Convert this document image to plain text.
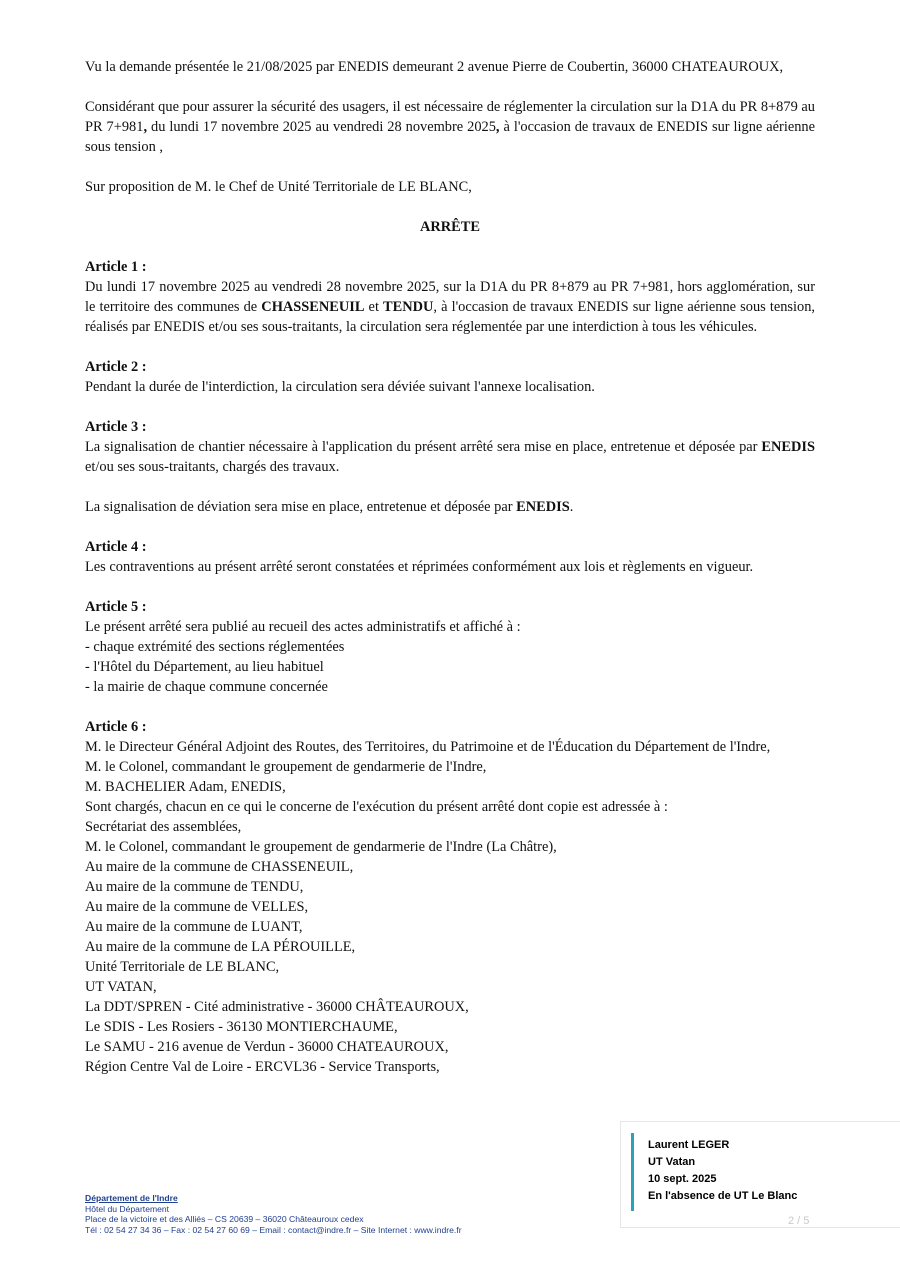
Vu la demande présentée le 21/08/2025 par ENEDIS demeurant 2 avenue Pierre de Coubertin, 36000 CHATEAUROUX,

Considérant que pour assurer la sécurité des usagers, il est nécessaire de réglementer la circulation sur la D1A du PR 8+879 au PR 7+981, du lundi 17 novembre 2025 au vendredi 28 novembre 2025, à l'occasion de travaux de ENEDIS sur ligne aérienne sous tension ,

Sur proposition de M. le Chef de Unité Territoriale de LE BLANC,

ARRÊTE

Article 1 :

Du lundi 17 novembre 2025 au vendredi 28 novembre 2025, sur la D1A du PR 8+879 au PR 7+981, hors agglomération, sur le territoire des communes de CHASSENEUIL et TENDU, à l'occasion de travaux ENEDIS sur ligne aérienne sous tension, réalisés par ENEDIS et/ou ses sous-traitants, la circulation sera réglementée par une interdiction à tous les véhicules.

Article 2 :

Pendant la durée de l'interdiction, la circulation sera déviée suivant l'annexe localisation.

Article 3 :

La signalisation de chantier nécessaire à l'application du présent arrêté sera mise en place, entretenue et déposée par ENEDIS et/ou ses sous-traitants, chargés des travaux.

La signalisation de déviation sera mise en place, entretenue et déposée par ENEDIS.

Article 4 :

Les contraventions au présent arrêté seront constatées et réprimées conformément aux lois et règlements en vigueur.

Article 5 :

Le présent arrêté sera publié au recueil des actes administratifs et affiché à :

- chaque extrémité des sections réglementées

- l'Hôtel du Département, au lieu habituel

- la mairie de chaque commune concernée

Article 6 :

M. le Directeur Général Adjoint des Routes, des Territoires, du Patrimoine et de l'Éducation du Département de l'Indre,

M. le Colonel, commandant le groupement de gendarmerie de l'Indre,

M. BACHELIER Adam, ENEDIS,

Sont chargés, chacun en ce qui le concerne de l'exécution du présent arrêté dont copie est adressée à :

Secrétariat des assemblées,

M. le Colonel, commandant le groupement de gendarmerie de l'Indre (La Châtre),

Au maire de la commune de CHASSENEUIL,

Au maire de la commune de TENDU,

Au maire de la commune de VELLES,

Au maire de la commune de LUANT,

Au maire de la commune de LA PÉROUILLE,

Unité Territoriale de LE BLANC,

UT VATAN,

La DDT/SPREN - Cité administrative - 36000 CHÂTEAUROUX,

Le SDIS - Les Rosiers - 36130 MONTIERCHAUME,

Le SAMU - 216 avenue de Verdun - 36000 CHATEAUROUX,

Région Centre Val de Loire - ERCVL36 - Service Transports,

Laurent LEGER
UT Vatan
10 sept. 2025
En l'absence de UT Le Blanc
2 / 5
Département de l'Indre
Hôtel du Département
Place de la victoire et des Alliés – CS 20639 – 36020 Châteauroux cedex
Tél : 02 54 27 34 36 – Fax : 02 54 27 60 69 – Email : contact@indre.fr – Site Internet : www.indre.fr
